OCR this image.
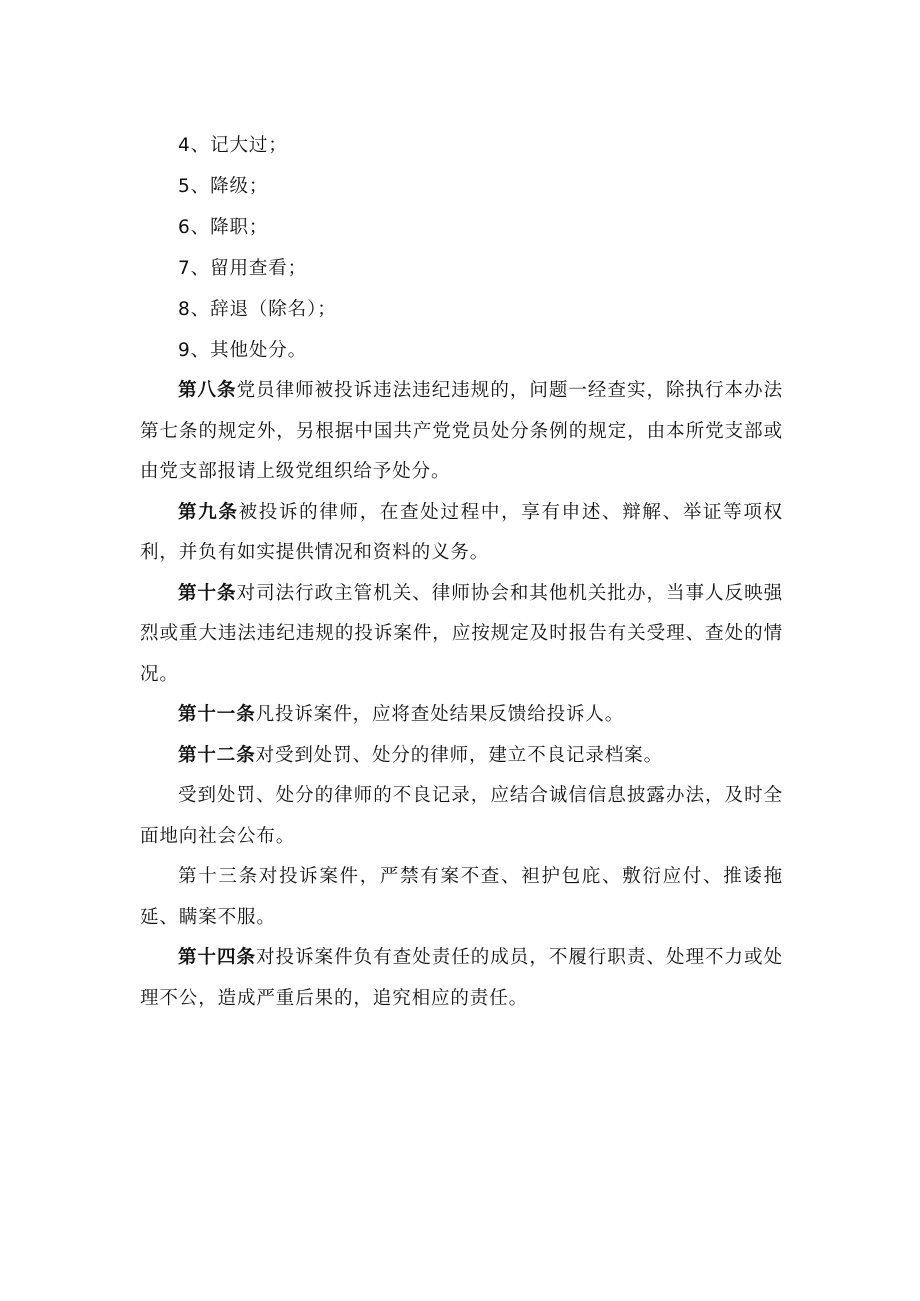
4、记大过；
5、降级；
6、降职；
7、留用查看；
8、辞退（除名）；
9、其他处分。

第八条党员律师被投诉违法违纪违规的，问题一经查实，除执行本办法第七条的规定外，另根据中国共产党党员处分条例的规定，由本所党支部或由党支部报请上级党组织给予处分。

第九条被投诉的律师，在查处过程中，享有申述、辩解、举证等项权利，并负有如实提供情况和资料的义务。

第十条对司法行政主管机关、律师协会和其他机关批办，当事人反映强烈或重大违法违纪违规的投诉案件，应按规定及时报告有关受理、查处的情况。

第十一条凡投诉案件，应将查处结果反馈给投诉人。

第十二条对受到处罚、处分的律师，建立不良记录档案。

受到处罚、处分的律师的不良记录，应结合诚信信息披露办法，及时全面地向社会公布。

第十三条对投诉案件，严禁有案不查、袒护包庇、敷衍应付、推诿拖延、瞒案不服。

第十四条对投诉案件负有查处责任的成员，不履行职责、处理不力或处理不公，造成严重后果的，追究相应的责任。
